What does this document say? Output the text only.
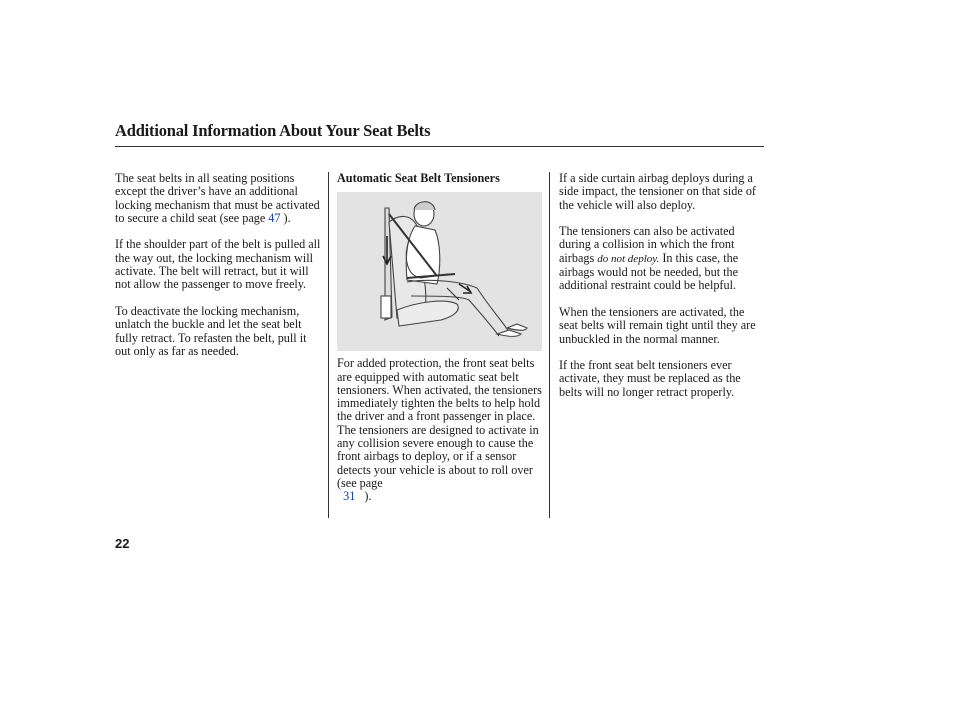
Additional Information About Your Seat Belts

The seat belts in all seating positions except the driver’s have an additional locking mechanism that must be activated to secure a child seat (see page 47 ).

If the shoulder part of the belt is pulled all the way out, the locking mechanism will activate. The belt will retract, but it will not allow the passenger to move freely.

To deactivate the locking mechanism, unlatch the buckle and let the seat belt fully retract. To refasten the belt, pull it out only as far as needed.

Automatic Seat Belt Tensioners

For added protection, the front seat belts are equipped with automatic seat belt tensioners. When activated, the tensioners immediately tighten the belts to help hold the driver and a front passenger in place.

The tensioners are designed to activate in any collision severe enough to cause the front airbags to deploy, or if a sensor detects your vehicle is about to roll over (see page
31 ).

If a side curtain airbag deploys during a side impact, the tensioner on that side of the vehicle will also deploy.

The tensioners can also be activated during a collision in which the front airbags do not deploy. In this case, the airbags would not be needed, but the additional restraint could be helpful.

When the tensioners are activated, the seat belts will remain tight until they are unbuckled in the normal manner.

If the front seat belt tensioners ever activate, they must be replaced as the belts will no longer retract properly.

22
